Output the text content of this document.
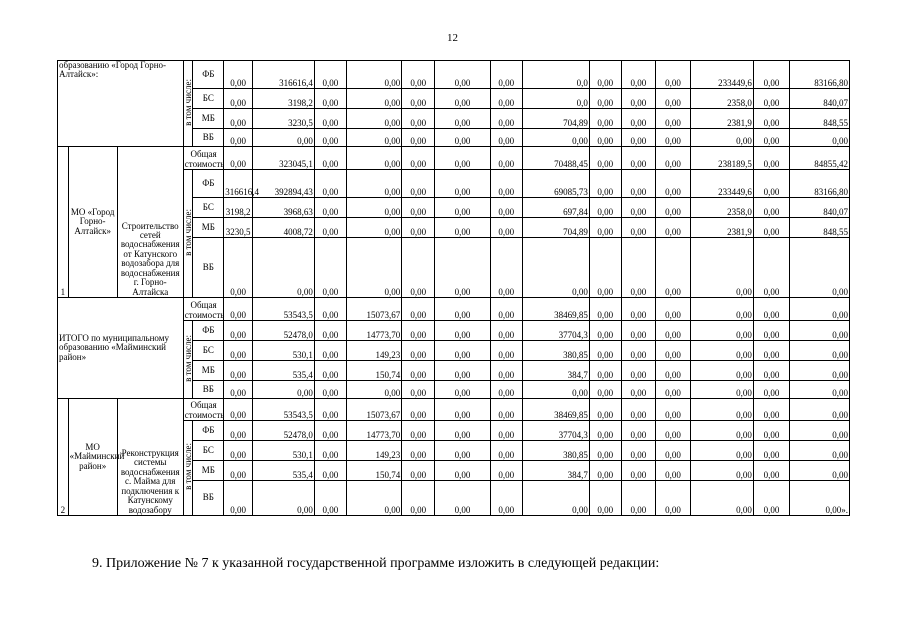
12
образованию «Город Горно-Алтайск»:			в том числе:	ФБ	0,00	316616,4	0,00	0,00	0,00	0,00	0,00	0,0	0,00	0,00	0,00	233449,6	0,00	83166,80
				БС	0,00	3198,2	0,00	0,00	0,00	0,00	0,00	0,0	0,00	0,00	0,00	2358,0	0,00	840,07
				МБ	0,00	3230,5	0,00	0,00	0,00	0,00	0,00	704,89	0,00	0,00	0,00	2381,9	0,00	848,55
				ВБ	0,00	0,00	0,00	0,00	0,00	0,00	0,00	0,00	0,00	0,00	0,00	0,00	0,00	0,00
1	МО «Город Горно-Алтайск»	Строительство сетей водоснабжения от Катунского водозабора для водоснабжения г. Горно-Алтайска	Общая стоимость		0,00	323045,1	0,00	0,00	0,00	0,00	0,00	70488,45	0,00	0,00	0,00	238189,5	0,00	84855,42
			в том числе:	ФБ	316616,4	392894,43	0,00	0,00	0,00	0,00	0,00	69085,73	0,00	0,00	0,00	233449,6	0,00	83166,80
				БС	3198,2	3968,63	0,00	0,00	0,00	0,00	0,00	697,84	0,00	0,00	0,00	2358,0	0,00	840,07
				МБ	3230,5	4008,72	0,00	0,00	0,00	0,00	0,00	704,89	0,00	0,00	0,00	2381,9	0,00	848,55
				ВБ	0,00	0,00	0,00	0,00	0,00	0,00	0,00	0,00	0,00	0,00	0,00	0,00	0,00	0,00
ИТОГО по муниципальному образованию «Майминский район»			Общая стоимость		0,00	53543,5	0,00	15073,67	0,00	0,00	0,00	38469,85	0,00	0,00	0,00	0,00	0,00	0,00
			в том числе:	ФБ	0,00	52478,0	0,00	14773,70	0,00	0,00	0,00	37704,3	0,00	0,00	0,00	0,00	0,00	0,00
				БС	0,00	530,1	0,00	149,23	0,00	0,00	0,00	380,85	0,00	0,00	0,00	0,00	0,00	0,00
				МБ	0,00	535,4	0,00	150,74	0,00	0,00	0,00	384,7	0,00	0,00	0,00	0,00	0,00	0,00
				ВБ	0,00	0,00	0,00	0,00	0,00	0,00	0,00	0,00	0,00	0,00	0,00	0,00	0,00	0,00
2	МО «Майминский район»	Реконструкция системы водоснабжения с. Майма для подключения к Катунскому водозабору	Общая стоимость		0,00	53543,5	0,00	15073,67	0,00	0,00	0,00	38469,85	0,00	0,00	0,00	0,00	0,00	0,00
			в том числе:	ФБ	0,00	52478,0	0,00	14773,70	0,00	0,00	0,00	37704,3	0,00	0,00	0,00	0,00	0,00	0,00
				БС	0,00	530,1	0,00	149,23	0,00	0,00	0,00	380,85	0,00	0,00	0,00	0,00	0,00	0,00
				МБ	0,00	535,4	0,00	150,74	0,00	0,00	0,00	384,7	0,00	0,00	0,00	0,00	0,00	0,00
				ВБ	0,00	0,00	0,00	0,00	0,00	0,00	0,00	0,00	0,00	0,00	0,00	0,00	0,00	0,00».
9. Приложение № 7 к указанной государственной программе изложить в следующей редакции:
